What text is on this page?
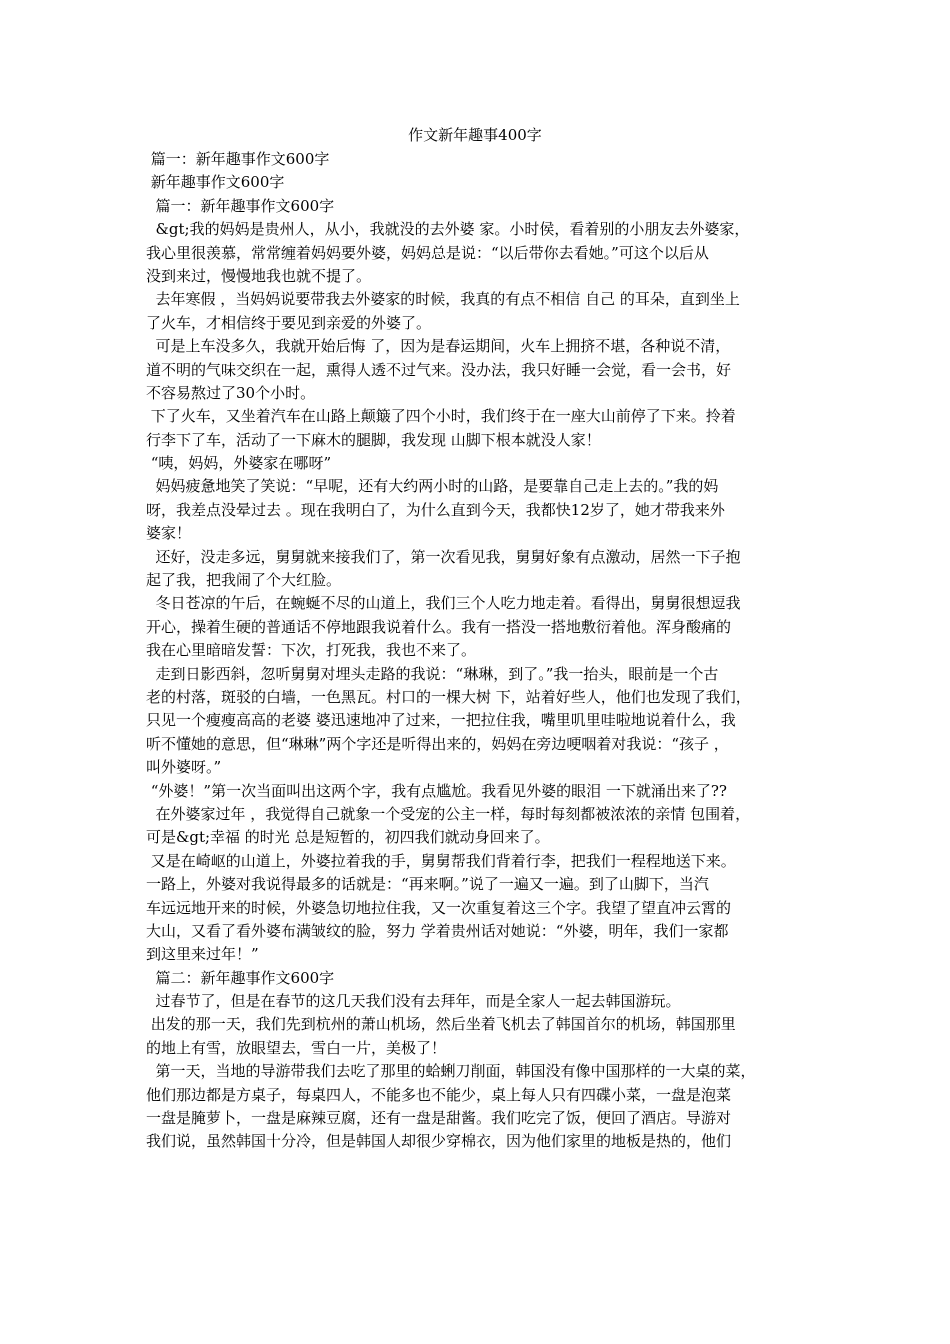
作文新年趣事400字
篇一：新年趣事作文600字
新年趣事作文600字
篇一：新年趣事作文600字
&gt;我的妈妈是贵州人，从小，我就没的去外婆 家。小时侯，看着别的小朋友去外婆家，
我心里很羡慕，常常缠着妈妈要外婆，妈妈总是说：“以后带你去看她。”可这个以后从
没到来过，慢慢地我也就不提了。
去年寒假 ，当妈妈说要带我去外婆家的时候，我真的有点不相信 自己 的耳朵，直到坐上
了火车，才相信终于要见到亲爱的外婆了。
可是上车没多久，我就开始后悔 了，因为是春运期间，火车上拥挤不堪，各种说不清，
道不明的气味交织在一起，熏得人透不过气来。没办法，我只好睡一会觉，看一会书，好
不容易熬过了30个小时。
下了火车，又坐着汽车在山路上颠簸了四个小时，我们终于在一座大山前停了下来。拎着
行李下了车，活动了一下麻木的腿脚，我发现 山脚下根本就没人家！
“咦，妈妈，外婆家在哪呀”
妈妈疲惫地笑了笑说：“早呢，还有大约两小时的山路，是要靠自己走上去的。”我的妈
呀，我差点没晕过去 。现在我明白了，为什么直到今天，我都快12岁了，她才带我来外
婆家！
还好，没走多远，舅舅就来接我们了，第一次看见我，舅舅好象有点激动，居然一下子抱
起了我，把我闹了个大红脸。
冬日苍凉的午后，在蜿蜒不尽的山道上，我们三个人吃力地走着。看得出，舅舅很想逗我
开心，操着生硬的普通话不停地跟我说着什么。我有一搭没一搭地敷衍着他。浑身酸痛的
我在心里暗暗发誓：下次，打死我，我也不来了。
走到日影西斜，忽听舅舅对埋头走路的我说：“琳琳，到了。”我一抬头，眼前是一个古
老的村落，斑驳的白墙，一色黑瓦。村口的一棵大树 下，站着好些人，他们也发现了我们，
只见一个瘦瘦高高的老婆 婆迅速地冲了过来，一把拉住我，嘴里叽里哇啦地说着什么，我
听不懂她的意思，但“琳琳”两个字还是听得出来的，妈妈在旁边哽咽着对我说：“孩子 ，
叫外婆呀。”
“外婆！”第一次当面叫出这两个字，我有点尴尬。我看见外婆的眼泪 一下就涌出来了??
在外婆家过年 ，我觉得自己就象一个受宠的公主一样，每时每刻都被浓浓的亲情 包围着，
可是&gt;幸福 的时光 总是短暂的，初四我们就动身回来了。
又是在崎岖的山道上，外婆拉着我的手，舅舅帮我们背着行李，把我们一程程地送下来。
一路上，外婆对我说得最多的话就是：“再来啊。”说了一遍又一遍。到了山脚下，当汽
车远远地开来的时候，外婆急切地拉住我，又一次重复着这三个字。我望了望直冲云霄的
大山，又看了看外婆布满皱纹的脸，努力 学着贵州话对她说：“外婆，明年，我们一家都
到这里来过年！”
篇二：新年趣事作文600字
过春节了，但是在春节的这几天我们没有去拜年，而是全家人一起去韩国游玩。
出发的那一天，我们先到杭州的萧山机场，然后坐着飞机去了韩国首尔的机场，韩国那里
的地上有雪，放眼望去，雪白一片，美极了！
第一天，当地的导游带我们去吃了那里的蛤蜊刀削面，韩国没有像中国那样的一大桌的菜，
他们那边都是方桌子，每桌四人，不能多也不能少，桌上每人只有四碟小菜，一盘是泡菜
一盘是腌萝卜，一盘是麻辣豆腐，还有一盘是甜酱。我们吃完了饭，便回了酒店。导游对
我们说，虽然韩国十分冷，但是韩国人却很少穿棉衣，因为他们家里的地板是热的，他们
